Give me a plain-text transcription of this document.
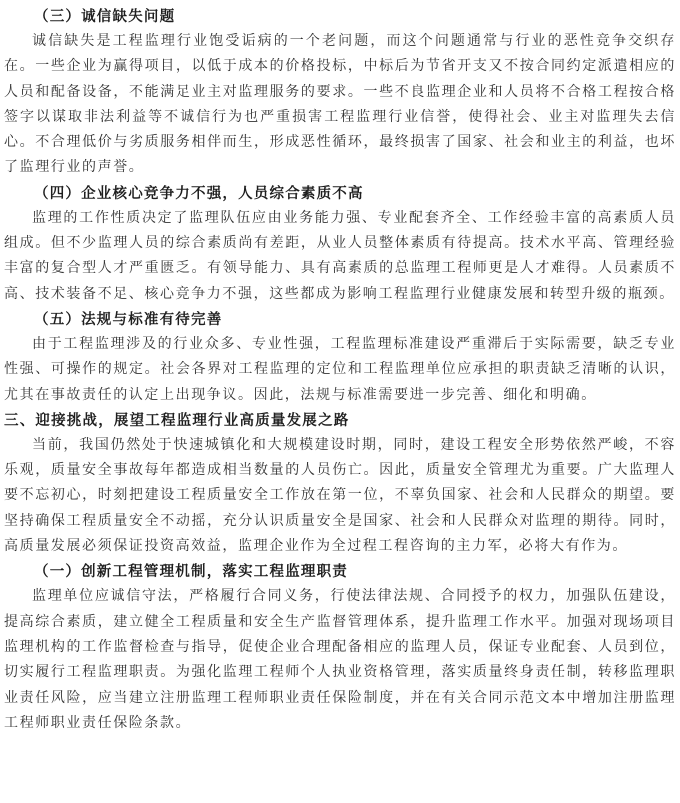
（三）诚信缺失问题

诚信缺失是工程监理行业饱受诟病的一个老问题，而这个问题通常与行业的恶性竞争交织存在。一些企业为赢得项目，以低于成本的价格投标，中标后为节省开支又不按合同约定派遣相应的人员和配备设备，不能满足业主对监理服务的要求。一些不良监理企业和人员将不合格工程按合格签字以谋取非法利益等不诚信行为也严重损害工程监理行业信誉，使得社会、业主对监理失去信心。不合理低价与劣质服务相伴而生，形成恶性循环，最终损害了国家、社会和业主的利益，也坏了监理行业的声誉。

（四）企业核心竞争力不强，人员综合素质不高

监理的工作性质决定了监理队伍应由业务能力强、专业配套齐全、工作经验丰富的高素质人员组成。但不少监理人员的综合素质尚有差距，从业人员整体素质有待提高。技术水平高、管理经验丰富的复合型人才严重匮乏。有领导能力、具有高素质的总监理工程师更是人才难得。人员素质不高、技术装备不足、核心竞争力不强，这些都成为影响工程监理行业健康发展和转型升级的瓶颈。

（五）法规与标准有待完善

由于工程监理涉及的行业众多、专业性强，工程监理标准建设严重滞后于实际需要，缺乏专业性强、可操作的规定。社会各界对工程监理的定位和工程监理单位应承担的职责缺乏清晰的认识，尤其在事故责任的认定上出现争议。因此，法规与标准需要进一步完善、细化和明确。

三、迎接挑战，展望工程监理行业高质量发展之路

当前，我国仍然处于快速城镇化和大规模建设时期，同时，建设工程安全形势依然严峻，不容乐观，质量安全事故每年都造成相当数量的人员伤亡。因此，质量安全管理尤为重要。广大监理人要不忘初心，时刻把建设工程质量安全工作放在第一位，不辜负国家、社会和人民群众的期望。要坚持确保工程质量安全不动摇，充分认识质量安全是国家、社会和人民群众对监理的期待。同时，高质量发展必须保证投资高效益，监理企业作为全过程工程咨询的主力军，必将大有作为。

（一）创新工程管理机制，落实工程监理职责

监理单位应诚信守法，严格履行合同义务，行使法律法规、合同授予的权力，加强队伍建设，提高综合素质，建立健全工程质量和安全生产监督管理体系，提升监理工作水平。加强对现场项目监理机构的工作监督检查与指导，促使企业合理配备相应的监理人员，保证专业配套、人员到位，切实履行工程监理职责。为强化监理工程师个人执业资格管理，落实质量终身责任制，转移监理职业责任风险，应当建立注册监理工程师职业责任保险制度，并在有关合同示范文本中增加注册监理工程师职业责任保险条款。
